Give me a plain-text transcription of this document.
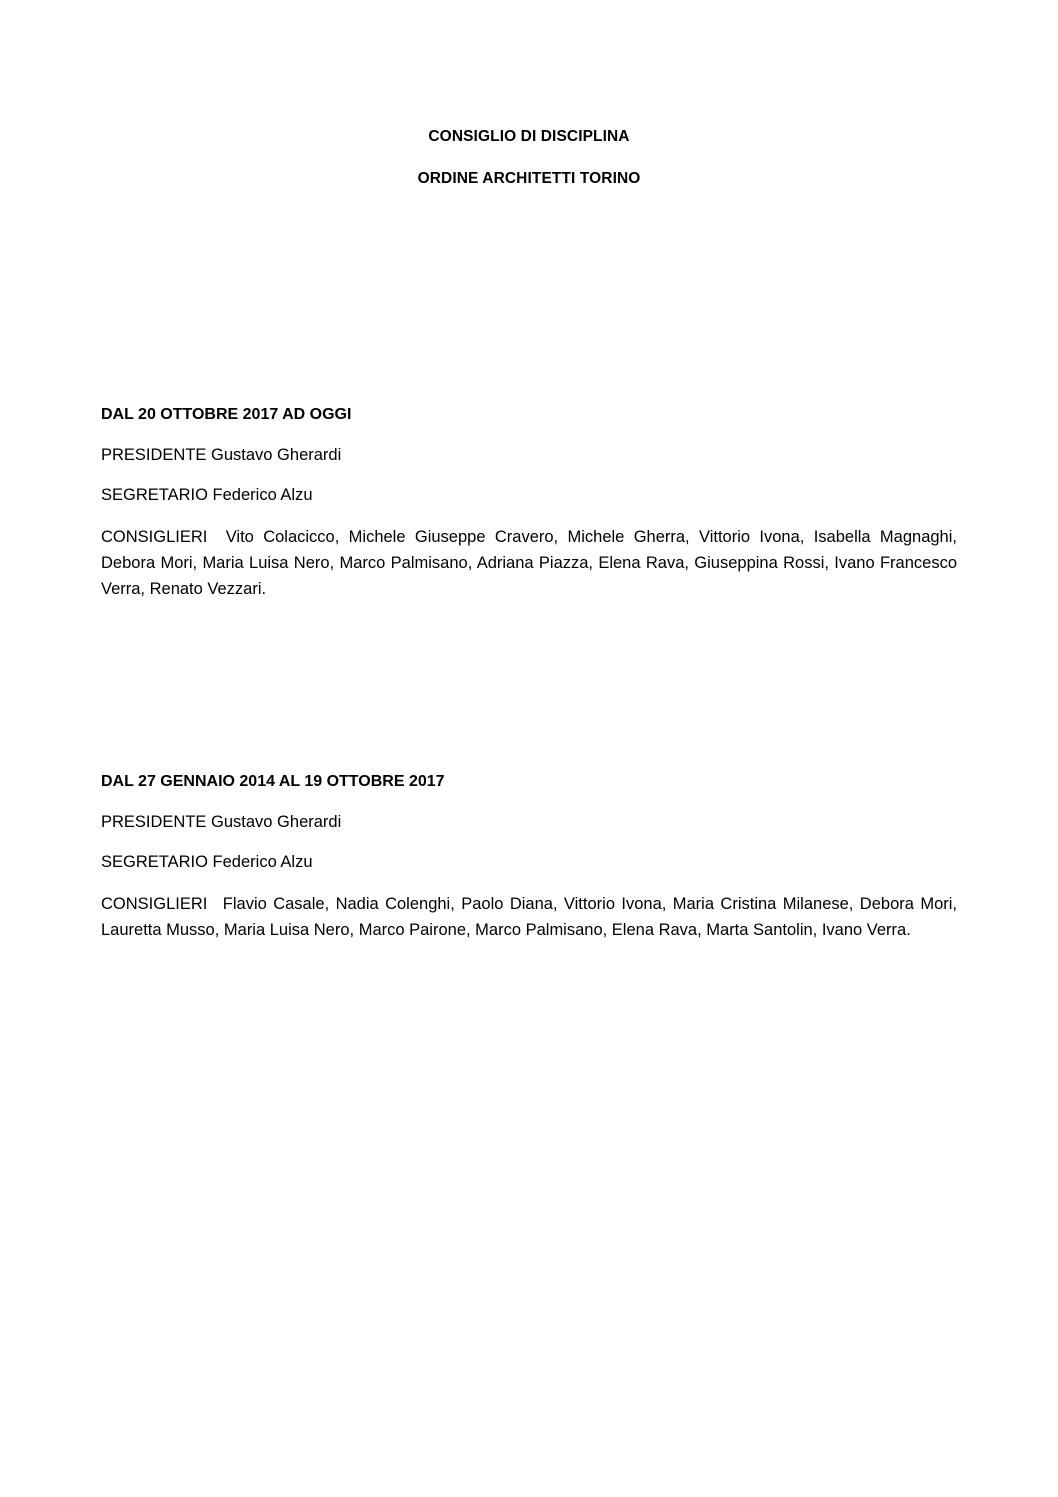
CONSIGLIO DI DISCIPLINA
ORDINE ARCHITETTI TORINO

DAL 20 OTTOBRE 2017 AD OGGI

PRESIDENTE Gustavo Gherardi

SEGRETARIO Federico Alzu

CONSIGLIERI Vito Colacicco, Michele Giuseppe Cravero, Michele Gherra, Vittorio Ivona, Isabella Magnaghi, Debora Mori, Maria Luisa Nero, Marco Palmisano, Adriana Piazza, Elena Rava, Giuseppina Rossi, Ivano Francesco Verra, Renato Vezzari.

DAL 27 GENNAIO 2014 AL 19 OTTOBRE 2017

PRESIDENTE Gustavo Gherardi

SEGRETARIO Federico Alzu

CONSIGLIERI Flavio Casale, Nadia Colenghi, Paolo Diana, Vittorio Ivona, Maria Cristina Milanese, Debora Mori, Lauretta Musso, Maria Luisa Nero, Marco Pairone, Marco Palmisano, Elena Rava, Marta Santolin, Ivano Verra.
